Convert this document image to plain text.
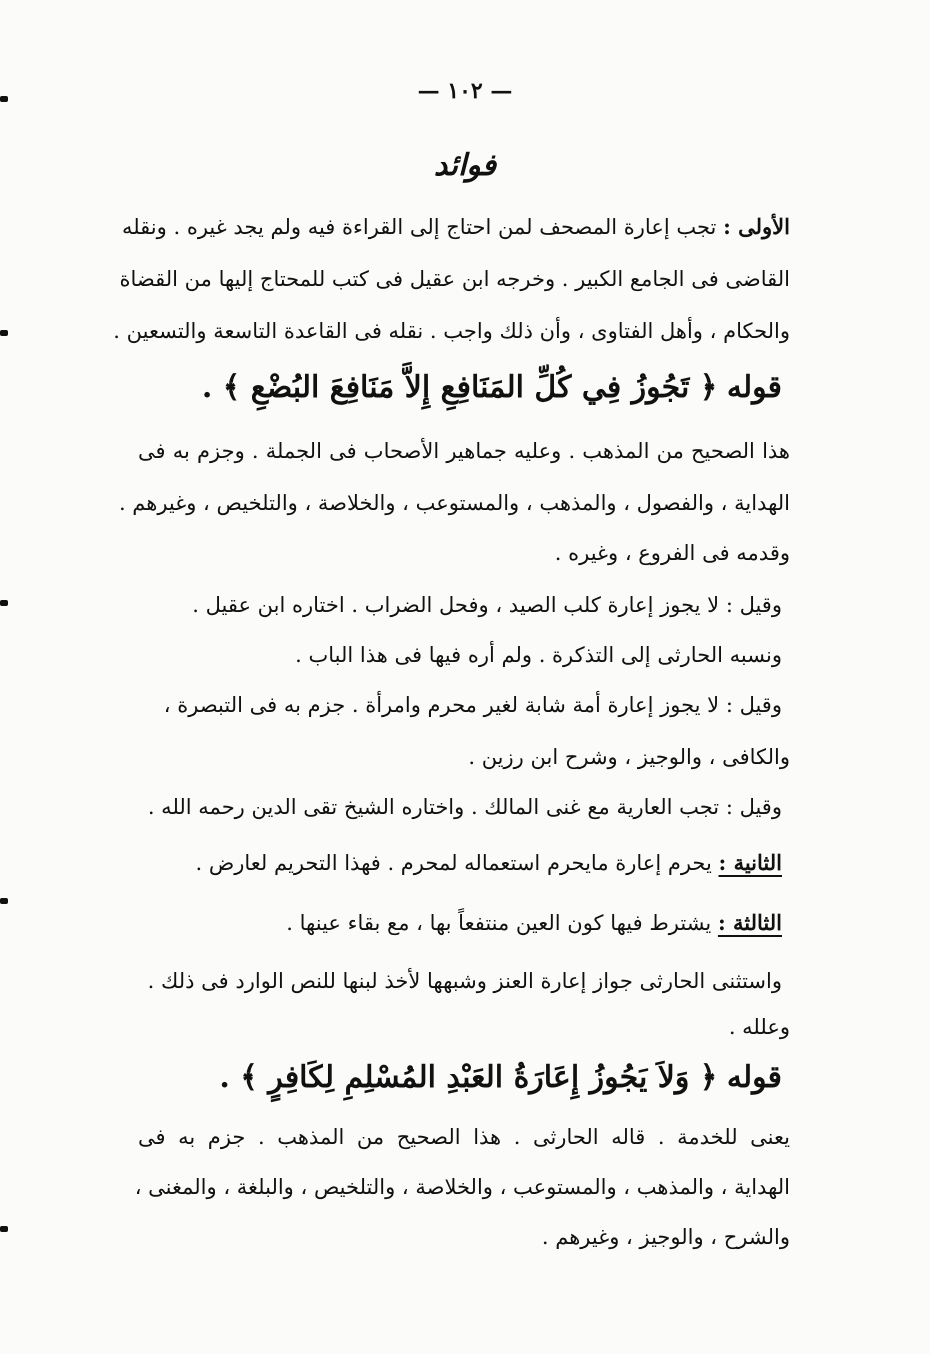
— ١٠٢ —
فوائد
الأولى : تجب إعارة المصحف لمن احتاج إلى القراءة فيه ولم يجد غيره . ونقله
القاضى فى الجامع الكبير . وخرجه ابن عقيل فى كتب للمحتاج إليها من القضاة
والحكام ، وأهل الفتاوى ، وأن ذلك واجب . نقله فى القاعدة التاسعة والتسعين .
قوله ﴿ تَجُوزُ فِي كُلِّ المَنَافِعِ إِلاَّ مَنَافِعَ البُضْعِ ﴾ .
هذا الصحيح من المذهب . وعليه جماهير الأصحاب فى الجملة . وجزم به فى
الهداية ، والفصول ، والمذهب ، والمستوعب ، والخلاصة ، والتلخيص ، وغيرهم .
وقدمه فى الفروع ، وغيره .
وقيل : لا يجوز إعارة كلب الصيد ، وفحل الضراب . اختاره ابن عقيل .
ونسبه الحارثى إلى التذكرة . ولم أره فيها فى هذا الباب .
وقيل : لا يجوز إعارة أمة شابة لغير محرم وامرأة . جزم به فى التبصرة ،
والكافى ، والوجيز ، وشرح ابن رزين .
وقيل : تجب العارية مع غنى المالك . واختاره الشيخ تقى الدين رحمه الله .
الثانية : يحرم إعارة مايحرم استعماله لمحرم . فهذا التحريم لعارض .
الثالثة : يشترط فيها كون العين منتفعاً بها ، مع بقاء عينها .
واستثنى الحارثى جواز إعارة العنز وشبهها لأخذ لبنها للنص الوارد فى ذلك .
وعلله .
قوله ﴿ وَلاَ يَجُوزُ إِعَارَةُ العَبْدِ المُسْلِمِ لِكَافِرٍ ﴾ .
يعنى للخدمة . قاله الحارثى . هذا الصحيح من المذهب . جزم به فى
الهداية ، والمذهب ، والمستوعب ، والخلاصة ، والتلخيص ، والبلغة ، والمغنى ،
والشرح ، والوجيز ، وغيرهم .
